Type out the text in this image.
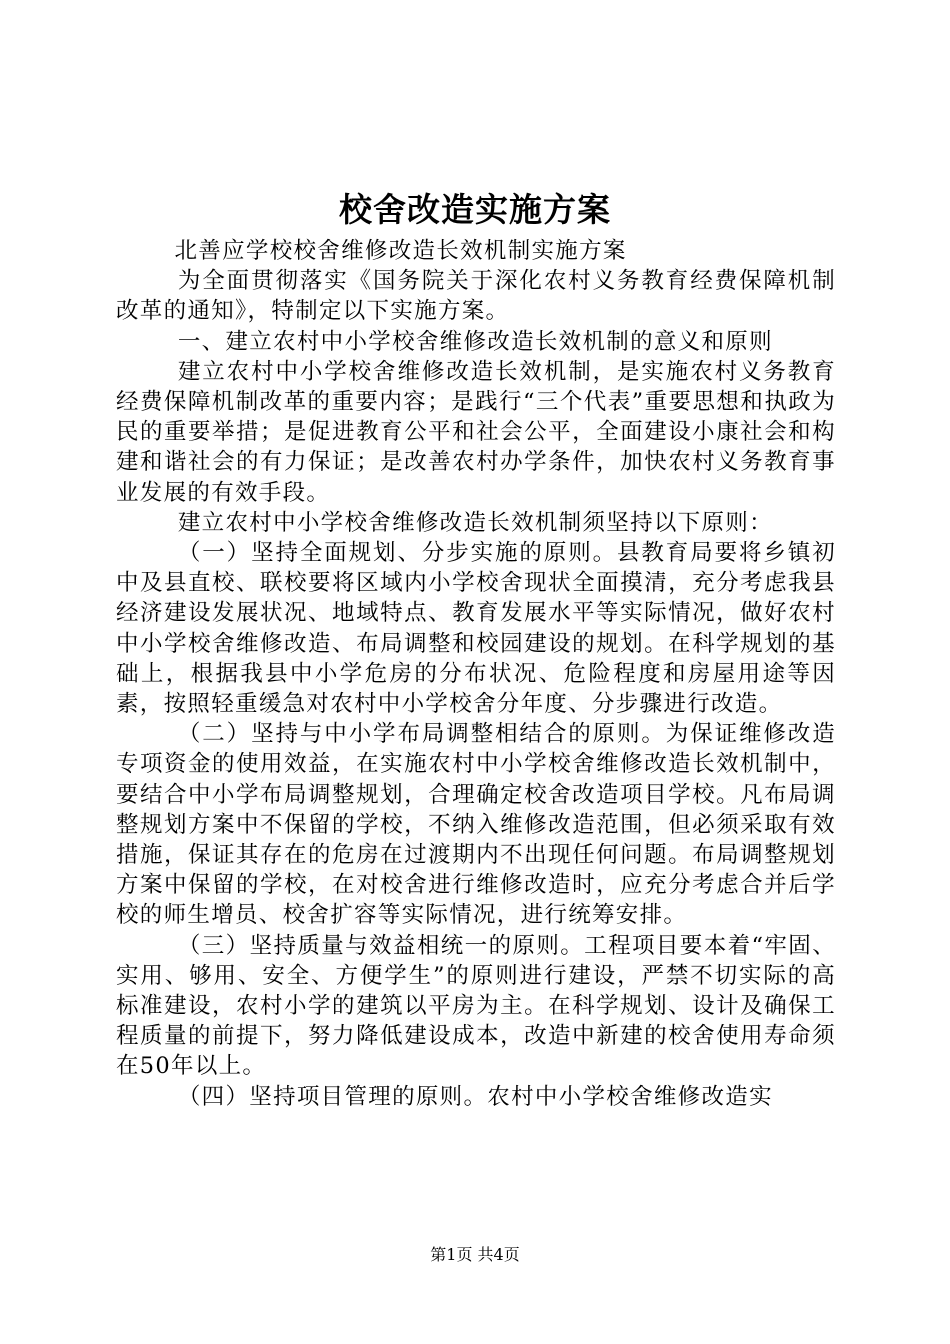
校舍改造实施方案

北善应学校校舍维修改造长效机制实施方案

为全面贯彻落实《国务院关于深化农村义务教育经费保障机制改革的通知》，特制定以下实施方案。

一、建立农村中小学校舍维修改造长效机制的意义和原则

建立农村中小学校舍维修改造长效机制，是实施农村义务教育经费保障机制改革的重要内容；是践行“三个代表”重要思想和执政为民的重要举措；是促进教育公平和社会公平，全面建设小康社会和构建和谐社会的有力保证；是改善农村办学条件，加快农村义务教育事业发展的有效手段。

建立农村中小学校舍维修改造长效机制须坚持以下原则：

（一）坚持全面规划、分步实施的原则。县教育局要将乡镇初中及县直校、联校要将区域内小学校舍现状全面摸清，充分考虑我县经济建设发展状况、地域特点、教育发展水平等实际情况，做好农村中小学校舍维修改造、布局调整和校园建设的规划。在科学规划的基础上，根据我县中小学危房的分布状况、危险程度和房屋用途等因素，按照轻重缓急对农村中小学校舍分年度、分步骤进行改造。

（二）坚持与中小学布局调整相结合的原则。为保证维修改造专项资金的使用效益，在实施农村中小学校舍维修改造长效机制中，要结合中小学布局调整规划，合理确定校舍改造项目学校。凡布局调整规划方案中不保留的学校，不纳入维修改造范围，但必须采取有效措施，保证其存在的危房在过渡期内不出现任何问题。布局调整规划方案中保留的学校，在对校舍进行维修改造时，应充分考虑合并后学校的师生增员、校舍扩容等实际情况，进行统筹安排。

（三）坚持质量与效益相统一的原则。工程项目要本着“牢固、实用、够用、安全、方便学生”的原则进行建设，严禁不切实际的高标准建设，农村小学的建筑以平房为主。在科学规划、设计及确保工程质量的前提下，努力降低建设成本，改造中新建的校舍使用寿命须在50年以上。

（四）坚持项目管理的原则。农村中小学校舍维修改造实

第1页 共4页
